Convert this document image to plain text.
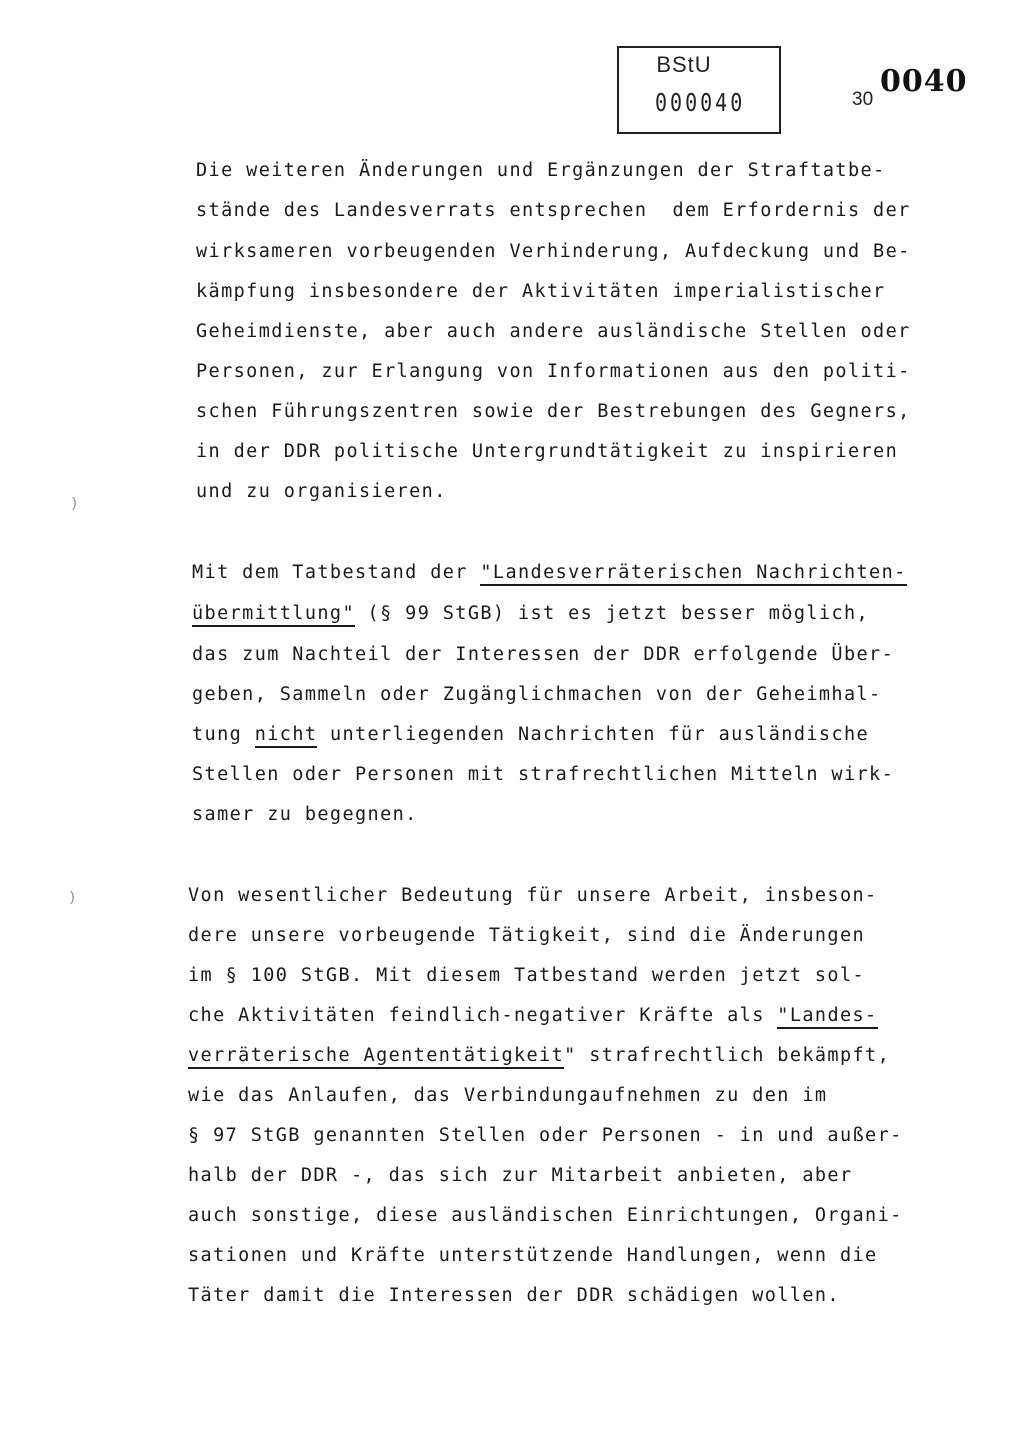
BStU
000040	30
0040
Die weiteren Änderungen und Ergänzungen der Straftatbe-
stände des Landesverrats entsprechen  dem Erfordernis der
wirksameren vorbeugenden Verhinderung, Aufdeckung und Be-
kämpfung insbesondere der Aktivitäten imperialistischer
Geheimdienste, aber auch andere ausländische Stellen oder
Personen, zur Erlangung von Informationen aus den politi-
schen Führungszentren sowie der Bestrebungen des Gegners,
in der DDR politische Untergrundtätigkeit zu inspirieren
und zu organisieren.
Mit dem Tatbestand der "Landesverräterischen Nachrichten-
übermittlung" (§ 99 StGB) ist es jetzt besser möglich,
das zum Nachteil der Interessen der DDR erfolgende Über-
geben, Sammeln oder Zugänglichmachen von der Geheimhal-
tung nicht unterliegenden Nachrichten für ausländische
Stellen oder Personen mit strafrechtlichen Mitteln wirk-
samer zu begegnen.
Von wesentlicher Bedeutung für unsere Arbeit, insbeson-
dere unsere vorbeugende Tätigkeit, sind die Änderungen
im § 100 StGB. Mit diesem Tatbestand werden jetzt sol-
che Aktivitäten feindlich-negativer Kräfte als "Landes-
verräterische Agententätigkeit" strafrechtlich bekämpft,
wie das Anlaufen, das Verbindungaufnehmen zu den im
§ 97 StGB genannten Stellen oder Personen - in und außer-
halb der DDR -, das sich zur Mitarbeit anbieten, aber
auch sonstige, diese ausländischen Einrichtungen, Organi-
sationen und Kräfte unterstützende Handlungen, wenn die
Täter damit die Interessen der DDR schädigen wollen.
)
)
